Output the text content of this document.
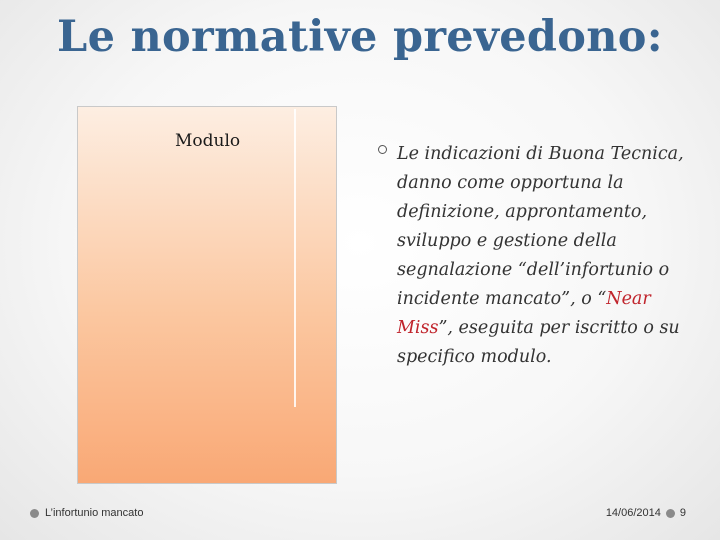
Le normative prevedono:
Modulo
Le indicazioni di Buona Tecnica, danno come opportuna la definizione, approntamento, sviluppo e gestione della segnalazione “dell’infortunio o incidente mancato”, o “Near Miss”, eseguita per iscritto o su specifico modulo.
L’infortunio mancato	14/06/2014 9
